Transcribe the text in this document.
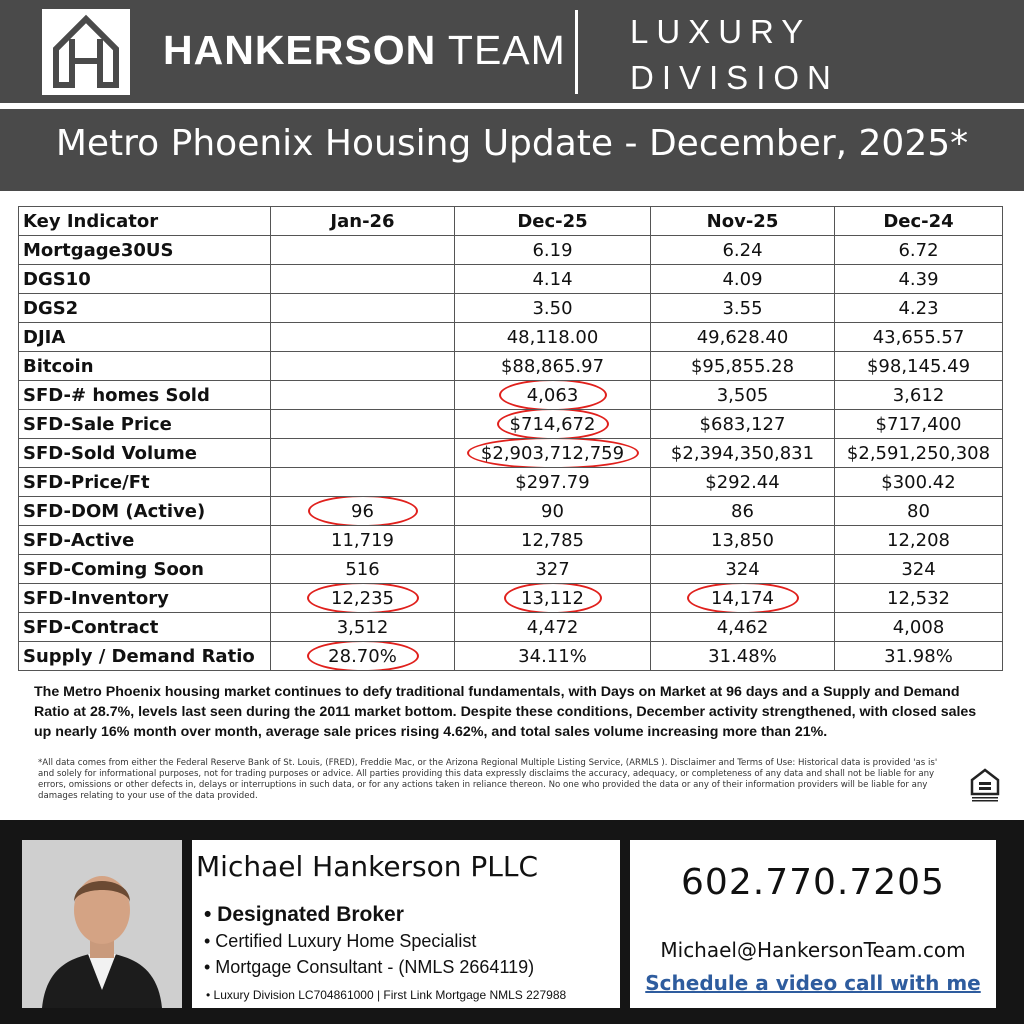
HANKERSON TEAM LUXURY
DIVISION
Metro Phoenix Housing Update - December, 2025*
Key Indicator	Jan-26	Dec-25	Nov-25	Dec-24
Mortgage30US		6.19	6.24	6.72
DGS10		4.14	4.09	4.39
DGS2		3.50	3.55	4.23
DJIA		48,118.00	49,628.40	43,655.57
Bitcoin		$88,865.97	$95,855.28	$98,145.49
SFD-# homes Sold		4,063	3,505	3,612
SFD-Sale Price		$714,672	$683,127	$717,400
SFD-Sold Volume		$2,903,712,759	$2,394,350,831	$2,591,250,308
SFD-Price/Ft		$297.79	$292.44	$300.42
SFD-DOM (Active)	96	90	86	80
SFD-Active	11,719	12,785	13,850	12,208
SFD-Coming Soon	516	327	324	324
SFD-Inventory	12,235	13,112	14,174	12,532
SFD-Contract	3,512	4,472	4,462	4,008
Supply / Demand Ratio	28.70%	34.11%	31.48%	31.98%
The Metro Phoenix housing market continues to defy traditional fundamentals, with Days on Market at 96 days and a Supply and Demand Ratio at 28.7%, levels last seen during the 2011 market bottom. Despite these conditions, December activity strengthened, with closed sales up nearly 16% month over month, average sale prices rising 4.62%, and total sales volume increasing more than 21%.
*All data comes from either the Federal Reserve Bank of St. Louis, (FRED), Freddie Mac, or the Arizona Regional Multiple Listing Service, (ARMLS ). Disclaimer and Terms of Use: Historical data is provided 'as is' and solely for informational purposes, not for trading purposes or advice. All parties providing this data expressly disclaims the accuracy, adequacy, or completeness of any data and shall not be liable for any errors, omissions or other defects in, delays or interruptions in such data, or for any actions taken in reliance thereon. No one who provided the data or any of their information providers will be liable for any damages relating to your use of the data provided.
Michael Hankerson PLLC
• Designated Broker
• Certified Luxury Home Specialist
• Mortgage Consultant - (NMLS 2664119)
• Luxury Division LC704861000 | First Link Mortgage NMLS 227988
602.770.7205
Michael@HankersonTeam.com
Schedule a video call with me
